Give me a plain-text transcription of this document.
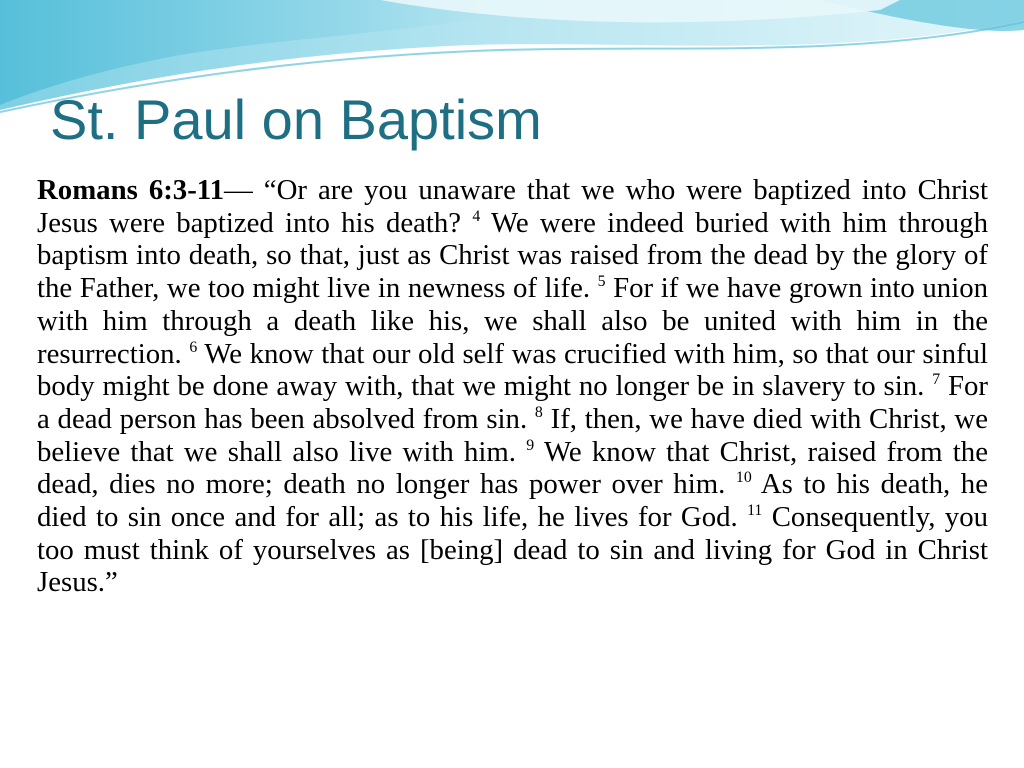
St. Paul on Baptism

Romans 6:3-11— “Or are you unaware that we who were baptized into Christ Jesus were baptized into his death? $^4$ We were indeed buried with him through baptism into death, so that, just as Christ was raised from the dead by the glory of the Father, we too might live in newness of life. $^5$ For if we have grown into union with him through a death like his, we shall also be united with him in the resurrection. $^6$ We know that our old self was crucified with him, so that our sinful body might be done away with, that we might no longer be in slavery to sin. $^7$ For a dead person has been absolved from sin. $^8$ If, then, we have died with Christ, we believe that we shall also live with him. $^9$ We know that Christ, raised from the dead, dies no more; death no longer has power over him. $^{10}$ As to his death, he died to sin once and for all; as to his life, he lives for God. $^{11}$ Consequently, you too must think of yourselves as [being] dead to sin and living for God in Christ Jesus.”
